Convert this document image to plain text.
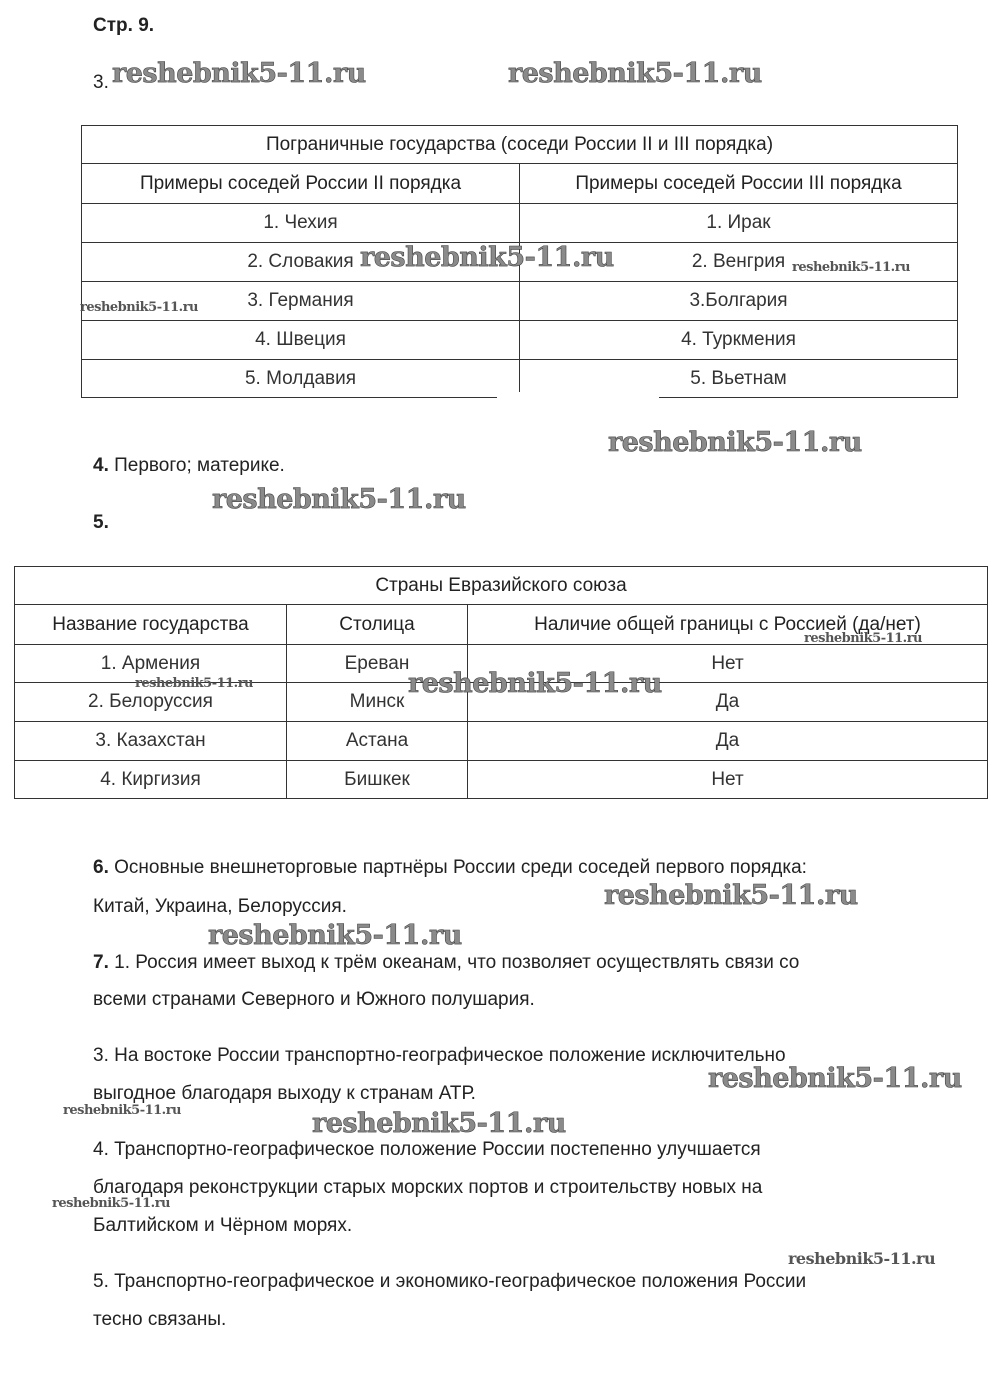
Стр. 9.
3.
Пограничные государства (соседи России II и III порядка)	
Примеры соседей России II порядка	Примеры соседей России III порядка
1. Чехия	1. Ирак
2. Словакия	2. Венгрия
3. Германия	3.Болгария
4. Швеция	4. Туркмения
5. Молдавия	5. Вьетнам
4. Первого; материке.
5.
Страны Евразийского союза		
Название государства	Столица	Наличие общей границы с Россией (да/нет)
1. Армения	Ереван	Нет
2. Белоруссия	Минск	Да
3. Казахстан	Астана	Да
4. Киргизия	Бишкек	Нет
6. Основные внешнеторговые партнёры России среди соседей первого порядка:
Китай, Украина, Белоруссия.
7. 1. Россия имеет выход к трём океанам, что позволяет осуществлять связи со
всеми странами Северного и Южного полушария.
3. На востоке России транспортно-географическое положение исключительно
выгодное благодаря выходу к странам АТР.
4. Транспортно-географическое положение России постепенно улучшается
благодаря реконструкции старых морских портов и строительству новых на
Балтийском и Чёрном морях.
5. Транспортно-географическое и экономико-географическое положения России
тесно связаны.
reshebnik5-11.ru	reshebnik5-11.ru
reshebnik5-11.ru	reshebnik5-11.ru
reshebnik5-11.ru
reshebnik5-11.ru
reshebnik5-11.ru
reshebnik5-11.ru
reshebnik5-11.ru	reshebnik5-11.ru
reshebnik5-11.ru
reshebnik5-11.ru
reshebnik5-11.ru
reshebnik5-11.ru	reshebnik5-11.ru
reshebnik5-11.ru
reshebnik5-11.ru
